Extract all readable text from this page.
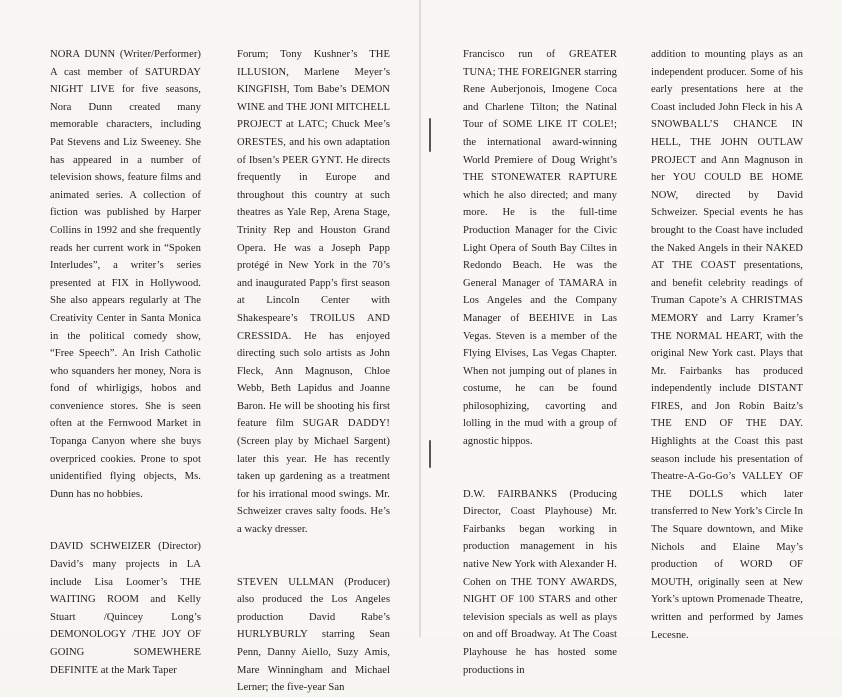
NORA DUNN (Writer/Performer) A cast member of SATURDAY NIGHT LIVE for five seasons, Nora Dunn created many memorable characters, including Pat Stevens and Liz Sweeney. She has appeared in a number of television shows, feature films and animated series. A collection of fiction was published by Harper Collins in 1992 and she frequently reads her current work in “Spoken Interludes”, a writer’s series presented at FIX in Hollywood. She also appears regularly at The Creativity Center in Santa Monica in the political comedy show, “Free Speech”. An Irish Catholic who squanders her money, Nora is fond of whirligigs, hobos and convenience stores. She is seen often at the Fernwood Market in Topanga Canyon where she buys overpriced cookies. Prone to spot unidentified flying objects, Ms. Dunn has no hobbies.

DAVID SCHWEIZER (Director) David’s many projects in LA include Lisa Loomer’s THE WAITING ROOM and Kelly Stuart /Quincey Long’s DEMONOLOGY /THE JOY OF GOING SOMEWHERE DEFINITE at the Mark Taper

Forum; Tony Kushner’s THE ILLUSION, Marlene Meyer’s KINGFISH, Tom Babe’s DEMON WINE and THE JONI MITCHELL PROJECT at LATC; Chuck Mee’s ORESTES, and his own adaptation of Ibsen’s PEER GYNT. He directs frequently in Europe and throughout this country at such theatres as Yale Rep, Arena Stage, Trinity Rep and Houston Grand Opera. He was a Joseph Papp protégé in New York in the 70’s and inaugurated Papp’s first season at Lincoln Center with Shakespeare’s TROILUS AND CRESSIDA. He has enjoyed directing such solo artists as John Fleck, Ann Magnuson, Chloe Webb, Beth Lapidus and Joanne Baron. He will be shooting his first feature film SUGAR DADDY! (Screen play by Michael Sargent) later this year. He has recently taken up gardening as a treatment for his irrational mood swings. Mr. Schweizer craves salty foods. He’s a wacky dresser.

STEVEN ULLMAN (Producer) also produced the Los Angeles production David Rabe’s HURLYBURLY starring Sean Penn, Danny Aiello, Suzy Amis, Mare Winningham and Michael Lerner; the five-year San

Francisco run of GREATER TUNA; THE FOREIGNER starring Rene Auberjonois, Imogene Coca and Charlene Tilton; the Natinal Tour of SOME LIKE IT COLE!; the international award-winning World Premiere of Doug Wright’s THE STONEWATER RAPTURE which he also directed; and many more. He is the full-time Production Manager for the Civic Light Opera of South Bay Ciltes in Redondo Beach. He was the General Manager of TAMARA in Los Angeles and the Company Manager of BEEHIVE in Las Vegas. Steven is a member of the Flying Elvises, Las Vegas Chapter. When not jumping out of planes in costume, he can be found philosophizing, cavorting and lolling in the mud with a group of agnostic hippos.

D.W. FAIRBANKS (Producing Director, Coast Playhouse) Mr. Fairbanks began working in production management in his native New York with Alexander H. Cohen on THE TONY AWARDS, NIGHT OF 100 STARS and other television specials as well as plays on and off Broadway. At The Coast Playhouse he has hosted some productions in

addition to mounting plays as an independent producer. Some of his early presentations here at the Coast included John Fleck in his A SNOWBALL’S CHANCE IN HELL, THE JOHN OUTLAW PROJECT and Ann Magnuson in her YOU COULD BE HOME NOW, directed by David Schweizer. Special events he has brought to the Coast have included the Naked Angels in their NAKED AT THE COAST presentations, and benefit celebrity readings of Truman Capote’s A CHRISTMAS MEMORY and Larry Kramer’s THE NORMAL HEART, with the original New York cast. Plays that Mr. Fairbanks has produced independently include DISTANT FIRES, and Jon Robin Baitz’s THE END OF THE DAY. Highlights at the Coast this past season include his presentation of Theatre-A-Go-Go’s VALLEY OF THE DOLLS which later transferred to New York’s Circle In The Square downtown, and Mike Nichols and Elaine May’s production of WORD OF MOUTH, originally seen at New York’s uptown Promenade Theatre, written and performed by James Lecesne.
